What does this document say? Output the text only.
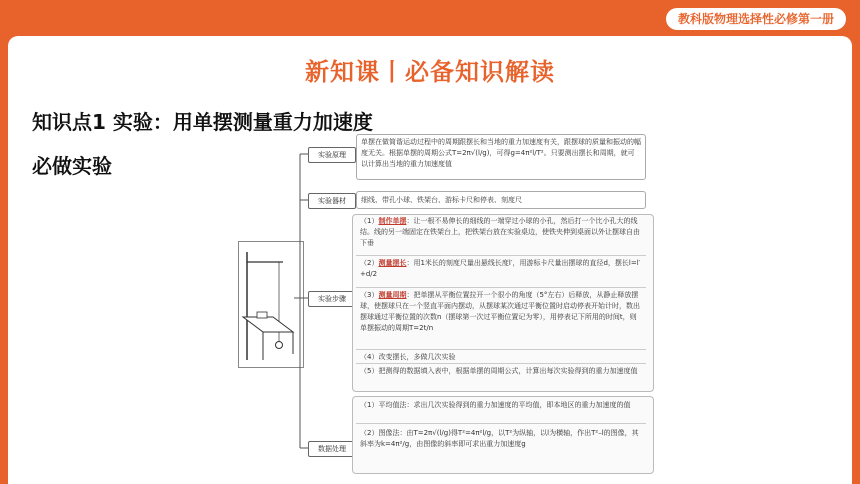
教科版物理选择性必修第一册
新知课丨必备知识解读
知识点1 实验：用单摆测量重力加速度
必做实验	实验原理
实验器材
实验步骤
数据处理
单摆在做简谐运动过程中的周期跟摆长和当地的重力加速度有关，跟摆球的质量和振动的幅度无关。根据单摆的周期公式T=2π√(l/g)，可得g=4π²l/T²。只要测出摆长和周期，就可以计算出当地的重力加速度值
细线、带孔小球、铁架台、游标卡尺和停表、刻度尺
（1）制作单摆：让一根不易伸长的细线的一端穿过小球的小孔，然后打一个比小孔大的线结。线的另一端固定在铁架台上，把铁架台放在实验桌边，使铁夹伸到桌面以外让摆球自由下垂
（2）测量摆长：用1米长的刻度尺量出悬线长度l′，用游标卡尺量出摆球的直径d，摆长l=l′+d/2
（3）测量周期：把单摆从平衡位置拉开一个很小的角度（5°左右）后释放，从静止释放摆球，使摆球只在一个竖直平面内摆动，从摆球某次通过平衡位置时启动停表开始计时，数出摆球通过平衡位置的次数n（摆球第一次过平衡位置记为零），用停表记下所用的时间t，则单摆振动的周期T=2t/n
（4）改变摆长，多做几次实验
（5）把测得的数据填入表中，根据单摆的周期公式，计算出每次实验得到的重力加速度值
（1）平均值法：求出几次实验得到的重力加速度的平均值，即本地区的重力加速度的值
（2）图像法：由T=2π√(l/g)得T²=4π²l/g，以T²为纵轴，以l为横轴，作出T²–l的图像，其斜率为k=4π²/g，由图像的斜率即可求出重力加速度g
